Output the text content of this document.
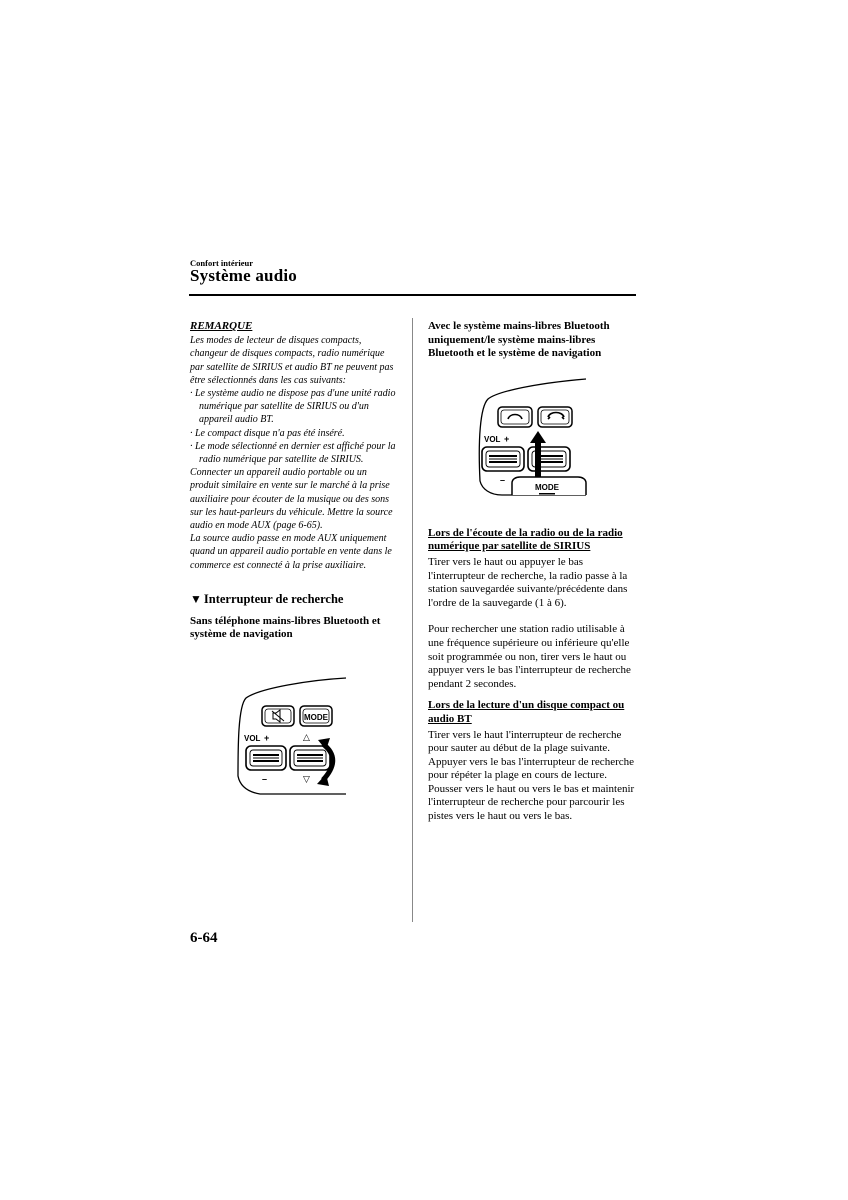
Confort intérieur
Système audio
REMARQUE

Les modes de lecteur de disques compacts, changeur de disques compacts, radio numérique par satellite de SIRIUS et audio BT ne peuvent pas être sélectionnés dans les cas suivants:

· Le système audio ne dispose pas d'une unité radio numérique par satellite de SIRIUS ou d'un appareil audio BT.

· Le compact disque n'a pas été inséré.

· Le mode sélectionné en dernier est affiché pour la radio numérique par satellite de SIRIUS.

Connecter un appareil audio portable ou un produit similaire en vente sur le marché à la prise auxiliaire pour écouter de la musique ou des sons sur les haut-parleurs du véhicule. Mettre la source audio en mode AUX (page 6-65).

La source audio passe en mode AUX uniquement quand un appareil audio portable en vente dans le commerce est connecté à la prise auxiliaire.

▼ Interrupteur de recherche
Sans téléphone mains-libres Bluetooth et système de navigation
MODE
VOL +
–
△
▽
Avec le système mains-libres Bluetooth uniquement/le système mains-libres Bluetooth et le système de navigation
VOL +
–
MODE
Lors de l'écoute de la radio ou de la radio numérique par satellite de SIRIUS

Tirer vers le haut ou appuyer le bas l'interrupteur de recherche, la radio passe à la station sauvegardée suivante/précédente dans l'ordre de la sauvegarde (1 à 6).

Pour rechercher une station radio utilisable à une fréquence supérieure ou inférieure qu'elle soit programmée ou non, tirer vers le haut ou appuyer vers le bas l'interrupteur de recherche pendant 2 secondes.

Lors de la lecture d'un disque compact ou audio BT

Tirer vers le haut l'interrupteur de recherche pour sauter au début de la plage suivante.

Appuyer vers le bas l'interrupteur de recherche pour répéter la plage en cours de lecture.

Pousser vers le haut ou vers le bas et maintenir l'interrupteur de recherche pour parcourir les pistes vers le haut ou vers le bas.

6-64
